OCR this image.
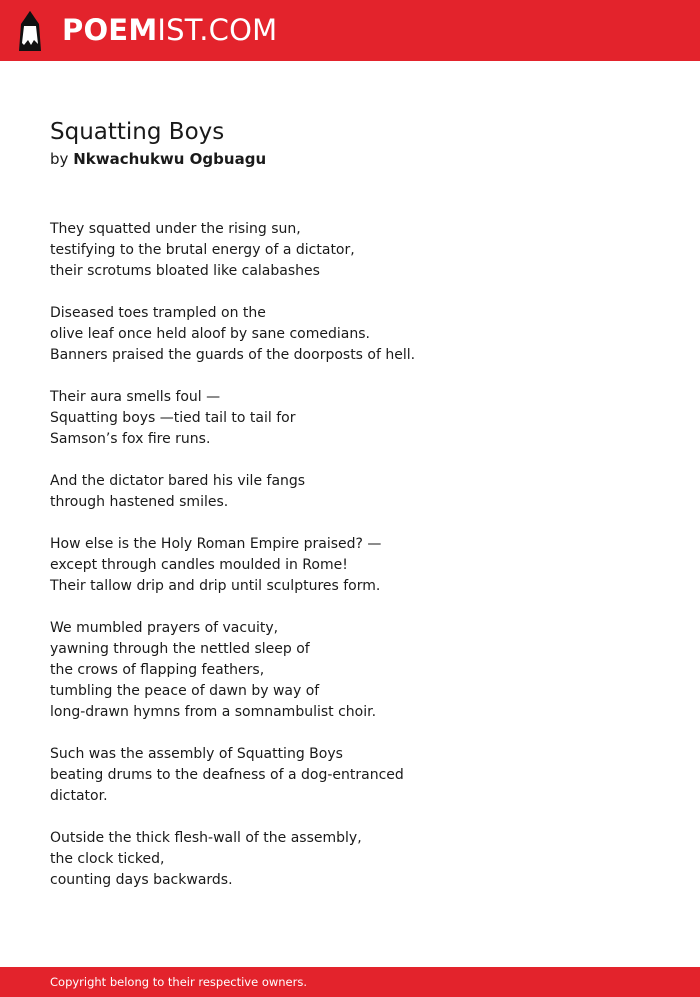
POEMIST.COM
Squatting Boys
by Nkwachukwu Ogbuagu
They squatted under the rising sun,
testifying to the brutal energy of a dictator,
their scrotums bloated like calabashes
Diseased toes trampled on the
olive leaf once held aloof by sane comedians.
Banners praised the guards of the doorposts of hell.
Their aura smells foul —
Squatting boys —tied tail to tail for
Samson’s fox fire runs.
And the dictator bared his vile fangs
through hastened smiles.
How else is the Holy Roman Empire praised? —
except through candles moulded in Rome!
Their tallow drip and drip until sculptures form.
We mumbled prayers of vacuity,
yawning through the nettled sleep of
the crows of flapping feathers,
tumbling the peace of dawn by way of
long-drawn hymns from a somnambulist choir.
Such was the assembly of Squatting Boys
beating drums to the deafness of a dog-entranced
dictator.
Outside the thick flesh-wall of the assembly,
the clock ticked,
counting days backwards.
Copyright belong to their respective owners.
